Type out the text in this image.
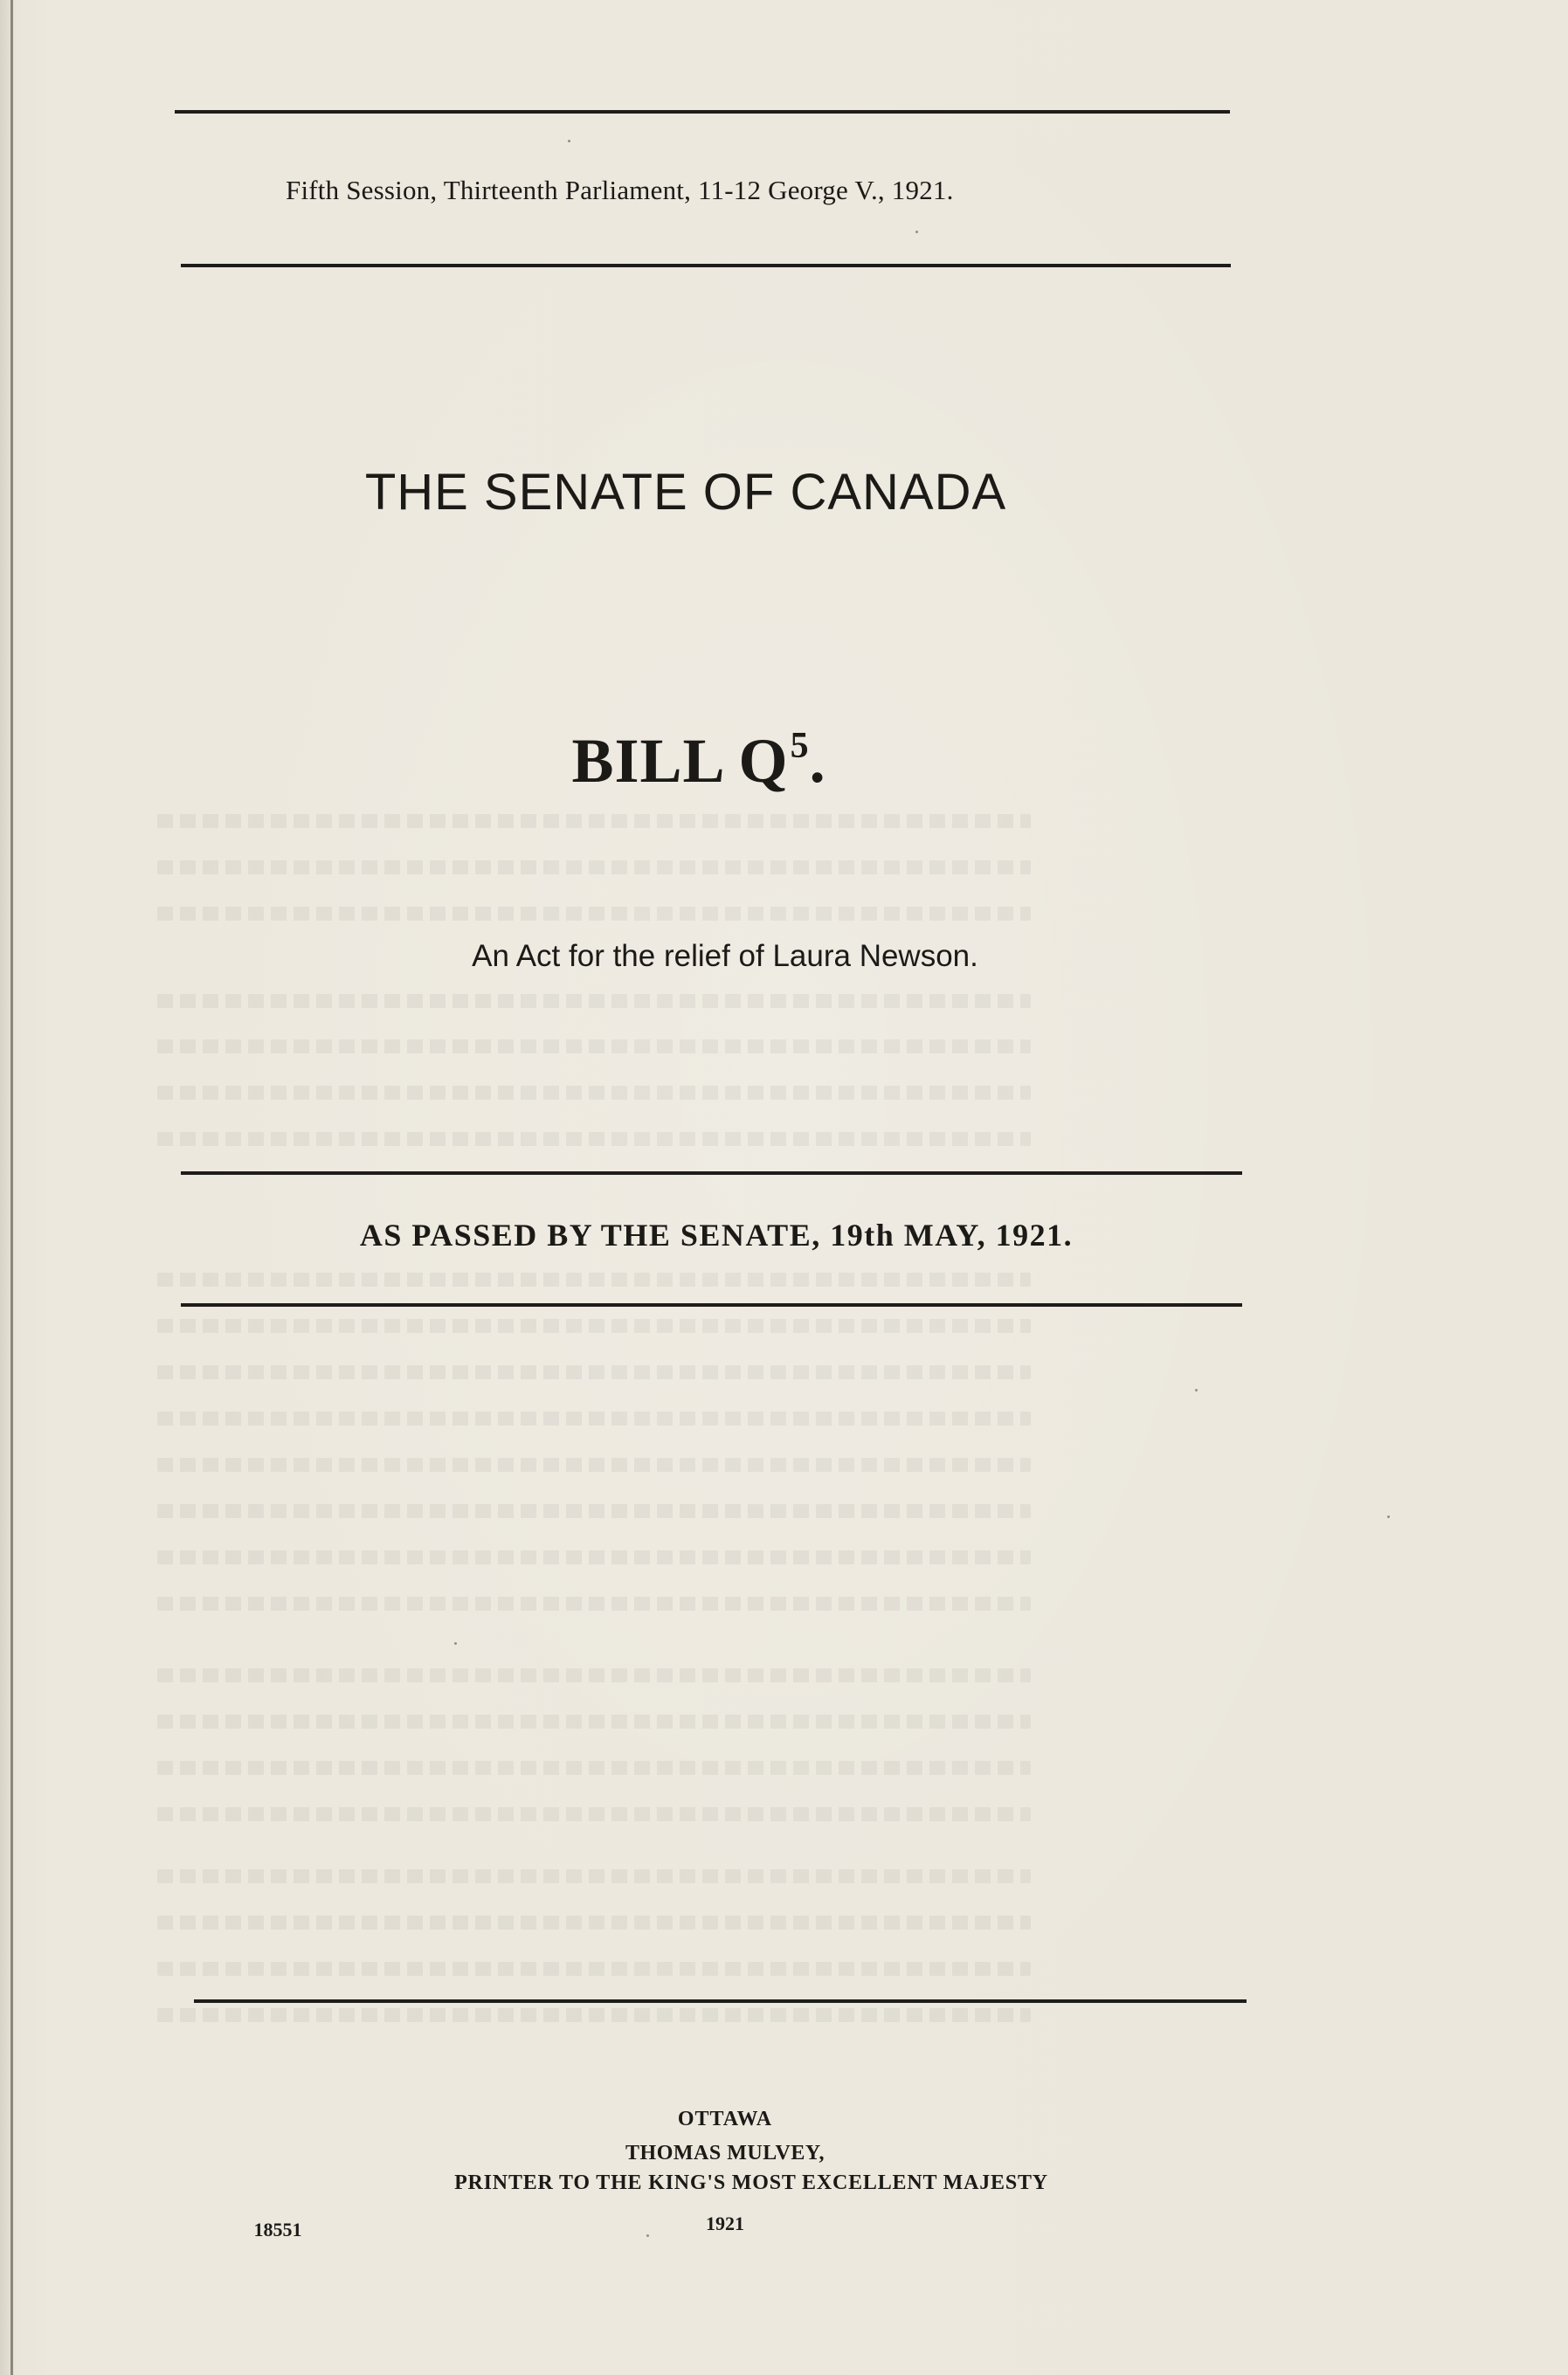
Fifth Session, Thirteenth Parliament, 11-12 George V., 1921.
THE SENATE OF CANADA
BILL $Q^5$.
An Act for the relief of Laura Newson.
AS PASSED BY THE SENATE, 19th MAY, 1921.
OTTAWA
THOMAS MULVEY,
PRINTER TO THE KING'S MOST EXCELLENT MAJESTY
18551	1921
